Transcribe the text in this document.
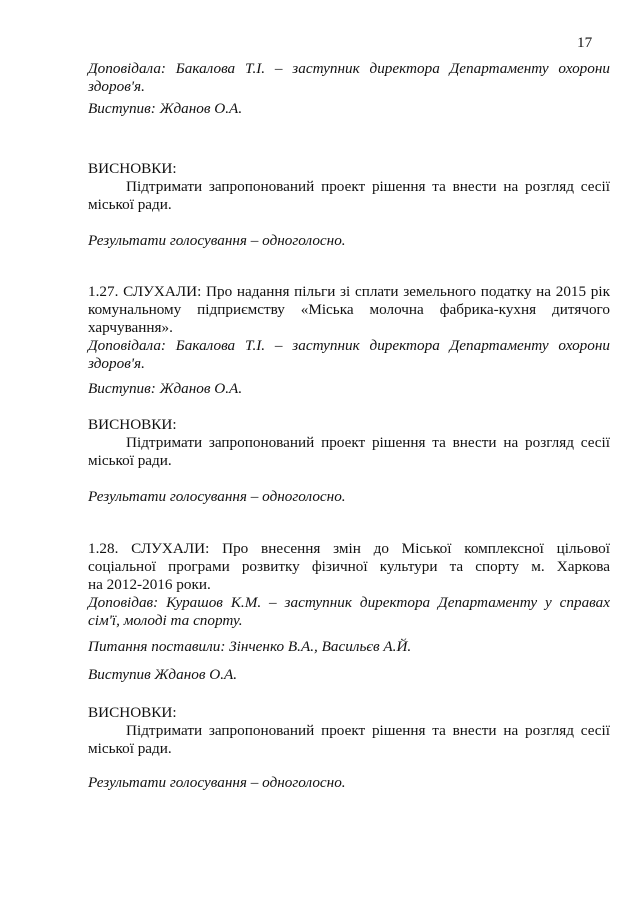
17

Доповідала: Бакалова Т.І. – заступник директора Департаменту охорони

здоров'я.

Виступив: Жданов О.А.
ВИСНОВКИ:

Підтримати запропонований проект рішення та внести на розгляд сесії

міської ради.

Результати голосування – одноголосно.

1.27. СЛУХАЛИ: Про надання пільги зі сплати земельного податку на 2015 рік

комунальному підприємству «Міська молочна фабрика-кухня дитячого

харчування».

Доповідала: Бакалова Т.І. – заступник директора Департаменту охорони

здоров'я.

Виступив: Жданов О.А.
ВИСНОВКИ:

Підтримати запропонований проект рішення та внести на розгляд сесії

міської ради.

Результати голосування – одноголосно.

1.28. СЛУХАЛИ: Про внесення змін до Міської комплексної цільової

соціальної програми розвитку фізичної культури та спорту м. Харкова

на 2012-2016 роки.

Доповідав: Курашов К.М. – заступник директора Департаменту у справах

сім'ї, молоді та спорту.

Питання поставили: Зінченко В.А., Васильєв А.Й.
Виступив Жданов О.А.
ВИСНОВКИ:

Підтримати запропонований проект рішення та внести на розгляд сесії

міської ради.

Результати голосування – одноголосно.
